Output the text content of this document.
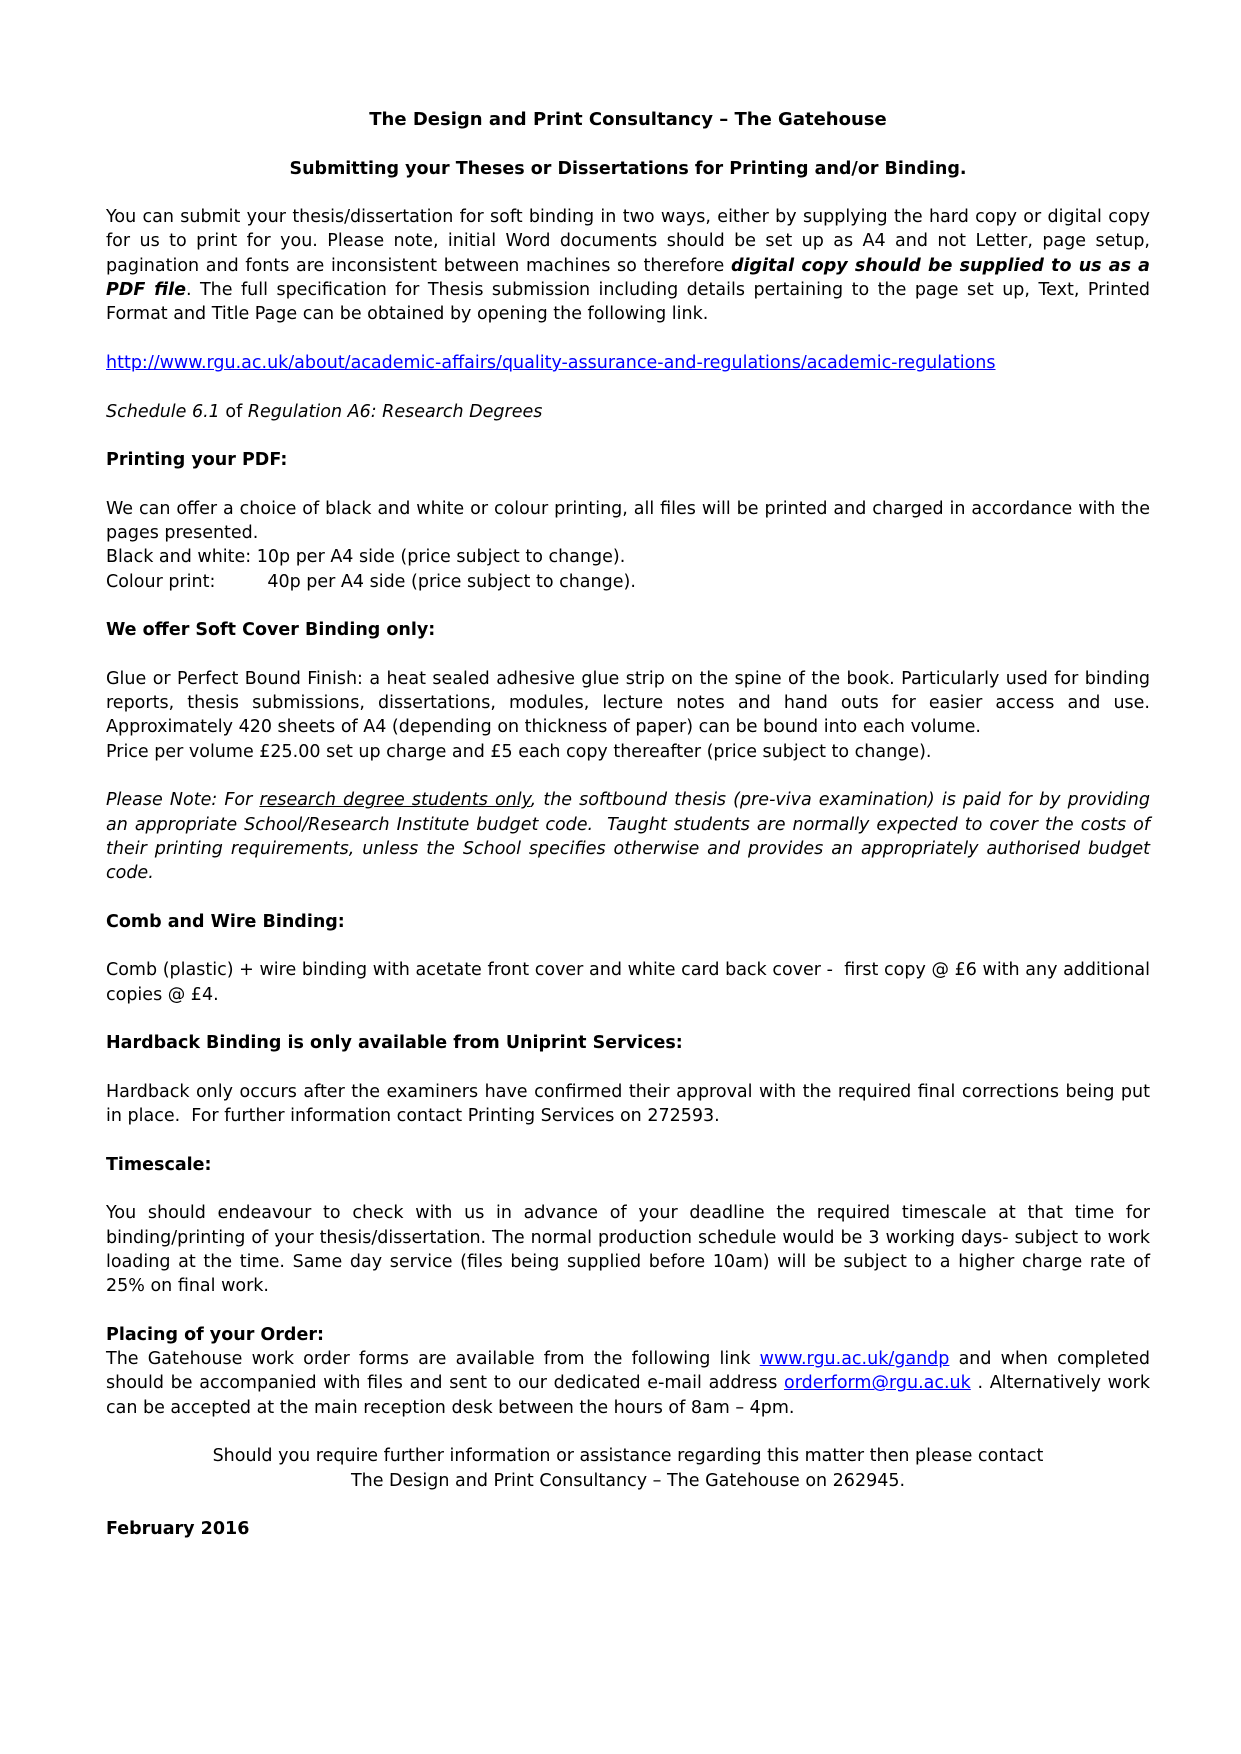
The Design and Print Consultancy – The Gatehouse
Submitting your Theses or Dissertations for Printing and/or Binding.
You can submit your thesis/dissertation for soft binding in two ways, either by supplying the hard copy or digital copy for us to print for you. Please note, initial Word documents should be set up as A4 and not Letter, page setup, pagination and fonts are inconsistent between machines so therefore digital copy should be supplied to us as a PDF file. The full specification for Thesis submission including details pertaining to the page set up, Text, Printed Format and Title Page can be obtained by opening the following link.
http://www.rgu.ac.uk/about/academic-affairs/quality-assurance-and-regulations/academic-regulations
Schedule 6.1 of Regulation A6: Research Degrees
Printing your PDF:
We can offer a choice of black and white or colour printing, all files will be printed and charged in accordance with the pages presented.
Black and white: 10p per A4 side (price subject to change).
Colour print:	40p per A4 side (price subject to change).
We offer Soft Cover Binding only:
Glue or Perfect Bound Finish: a heat sealed adhesive glue strip on the spine of the book. Particularly used for binding reports, thesis submissions, dissertations, modules, lecture notes and hand outs for easier access and use. Approximately 420 sheets of A4 (depending on thickness of paper) can be bound into each volume.
Price per volume £25.00 set up charge and £5 each copy thereafter (price subject to change).
Please Note: For research degree students only, the softbound thesis (pre-viva examination) is paid for by providing an appropriate School/Research Institute budget code.  Taught students are normally expected to cover the costs of their printing requirements, unless the School specifies otherwise and provides an appropriately authorised budget code.
Comb and Wire Binding:
Comb (plastic) + wire binding with acetate front cover and white card back cover -  first copy @ £6 with any additional copies @ £4.
Hardback Binding is only available from Uniprint Services:
Hardback only occurs after the examiners have confirmed their approval with the required final corrections being put in place.  For further information contact Printing Services on 272593.
Timescale:
You should endeavour to check with us in advance of your deadline the required timescale at that time for binding/printing of your thesis/dissertation. The normal production schedule would be 3 working days- subject to work loading at the time. Same day service (files being supplied before 10am) will be subject to a higher charge rate of 25% on final work.
Placing of your Order:
The Gatehouse work order forms are available from the following link www.rgu.ac.uk/gandp and when completed should be accompanied with files and sent to our dedicated e-mail address orderform@rgu.ac.uk . Alternatively work can be accepted at the main reception desk between the hours of 8am – 4pm.
Should you require further information or assistance regarding this matter then please contact
The Design and Print Consultancy – The Gatehouse on 262945.
February 2016
